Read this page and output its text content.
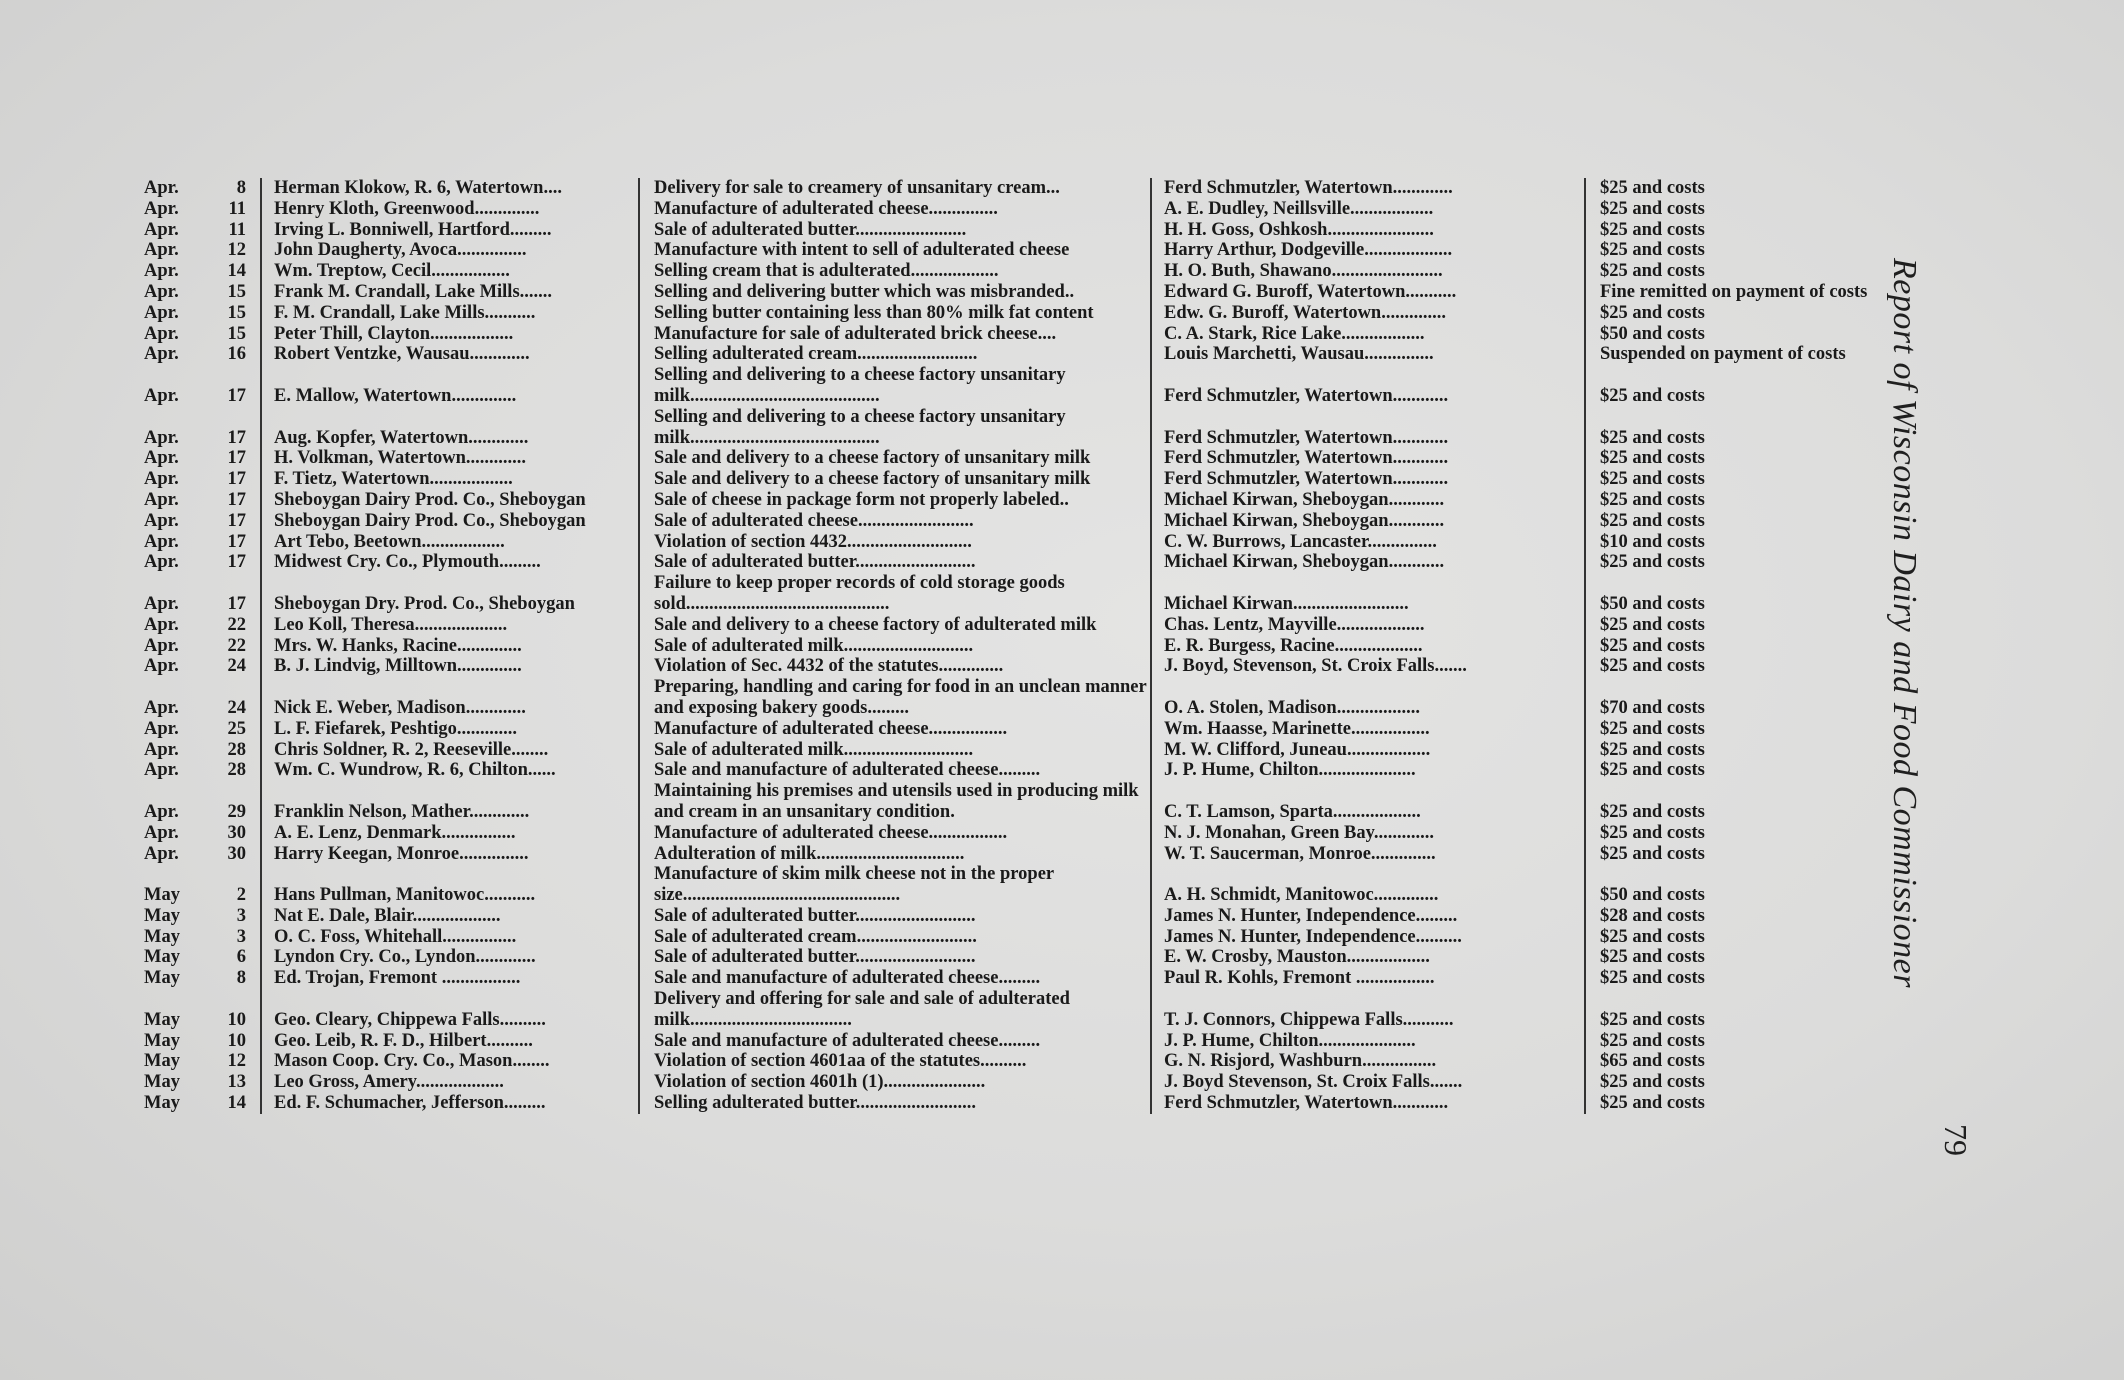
Apr.	8	Herman Klokow, R. 6, Watertown....	Delivery for sale to creamery of unsanitary cream...	Ferd Schmutzler, Watertown.............	$25 and costs
Apr.	11	Henry Kloth, Greenwood..............	Manufacture of adulterated cheese...............	A. E. Dudley, Neillsville..................	$25 and costs
Apr.	11	Irving L. Bonniwell, Hartford.........	Sale of adulterated butter........................	H. H. Goss, Oshkosh.......................	$25 and costs
Apr.	12	John Daugherty, Avoca...............	Manufacture with intent to sell of adulterated cheese	Harry Arthur, Dodgeville...................	$25 and costs
Apr.	14	Wm. Treptow, Cecil.................	Selling cream that is adulterated...................	H. O. Buth, Shawano........................	$25 and costs
Apr.	15	Frank M. Crandall, Lake Mills.......	Selling and delivering butter which was misbranded..	Edward G. Buroff, Watertown...........	Fine remitted on payment of costs
Apr.	15	F. M. Crandall, Lake Mills...........	Selling butter containing less than 80% milk fat content	Edw. G. Buroff, Watertown..............	$25 and costs
Apr.	15	Peter Thill, Clayton..................	Manufacture for sale of adulterated brick cheese....	C. A. Stark, Rice Lake..................	$50 and costs
Apr.	16	Robert Ventzke, Wausau.............	Selling adulterated cream..........................	Louis Marchetti, Wausau...............	Suspended on payment of costs
Apr.	17	E. Mallow, Watertown..............	Selling and delivering to a cheese factory unsanitary milk.........................................	Ferd Schmutzler, Watertown............	$25 and costs
Apr.	17	Aug. Kopfer, Watertown.............	Selling and delivering to a cheese factory unsanitary milk.........................................	Ferd Schmutzler, Watertown............	$25 and costs
Apr.	17	H. Volkman, Watertown.............	Sale and delivery to a cheese factory of unsanitary milk	Ferd Schmutzler, Watertown............	$25 and costs
Apr.	17	F. Tietz, Watertown..................	Sale and delivery to a cheese factory of unsanitary milk	Ferd Schmutzler, Watertown............	$25 and costs
Apr.	17	Sheboygan Dairy Prod. Co., Sheboygan	Sale of cheese in package form not properly labeled..	Michael Kirwan, Sheboygan............	$25 and costs
Apr.	17	Sheboygan Dairy Prod. Co., Sheboygan	Sale of adulterated cheese.........................	Michael Kirwan, Sheboygan............	$25 and costs
Apr.	17	Art Tebo, Beetown..................	Violation of section 4432...........................	C. W. Burrows, Lancaster...............	$10 and costs
Apr.	17	Midwest Cry. Co., Plymouth.........	Sale of adulterated butter..........................	Michael Kirwan, Sheboygan............	$25 and costs
Apr.	17	Sheboygan Dry. Prod. Co., Sheboygan	Failure to keep proper records of cold storage goods sold............................................	Michael Kirwan.........................	$50 and costs
Apr.	22	Leo Koll, Theresa....................	Sale and delivery to a cheese factory of adulterated milk	Chas. Lentz, Mayville...................	$25 and costs
Apr.	22	Mrs. W. Hanks, Racine..............	Sale of adulterated milk............................	E. R. Burgess, Racine...................	$25 and costs
Apr.	24	B. J. Lindvig, Milltown..............	Violation of Sec. 4432 of the statutes..............	J. Boyd, Stevenson, St. Croix Falls.......	$25 and costs
Apr.	24	Nick E. Weber, Madison.............	Preparing, handling and caring for food in an unclean manner and exposing bakery goods.........	O. A. Stolen, Madison..................	$70 and costs
Apr.	25	L. F. Fiefarek, Peshtigo.............	Manufacture of adulterated cheese.................	Wm. Haasse, Marinette.................	$25 and costs
Apr.	28	Chris Soldner, R. 2, Reeseville........	Sale of adulterated milk............................	M. W. Clifford, Juneau..................	$25 and costs
Apr.	28	Wm. C. Wundrow, R. 6, Chilton......	Sale and manufacture of adulterated cheese.........	J. P. Hume, Chilton.....................	$25 and costs
Apr.	29	Franklin Nelson, Mather.............	Maintaining his premises and utensils used in producing milk and cream in an unsanitary condition.	C. T. Lamson, Sparta...................	$25 and costs
Apr.	30	A. E. Lenz, Denmark................	Manufacture of adulterated cheese.................	N. J. Monahan, Green Bay.............	$25 and costs
Apr.	30	Harry Keegan, Monroe...............	Adulteration of milk................................	W. T. Saucerman, Monroe..............	$25 and costs
May	2	Hans Pullman, Manitowoc...........	Manufacture of skim milk cheese not in the proper size...............................................	A. H. Schmidt, Manitowoc..............	$50 and costs
May	3	Nat E. Dale, Blair...................	Sale of adulterated butter..........................	James N. Hunter, Independence.........	$28 and costs
May	3	O. C. Foss, Whitehall................	Sale of adulterated cream..........................	James N. Hunter, Independence..........	$25 and costs
May	6	Lyndon Cry. Co., Lyndon.............	Sale of adulterated butter..........................	E. W. Crosby, Mauston..................	$25 and costs
May	8	Ed. Trojan, Fremont .................	Sale and manufacture of adulterated cheese.........	Paul R. Kohls, Fremont .................	$25 and costs
May	10	Geo. Cleary, Chippewa Falls..........	Delivery and offering for sale and sale of adulterated milk...................................	T. J. Connors, Chippewa Falls...........	$25 and costs
May	10	Geo. Leib, R. F. D., Hilbert..........	Sale and manufacture of adulterated cheese.........	J. P. Hume, Chilton.....................	$25 and costs
May	12	Mason Coop. Cry. Co., Mason........	Violation of section 4601aa of the statutes..........	G. N. Risjord, Washburn................	$65 and costs
May	13	Leo Gross, Amery...................	Violation of section 4601h (1)......................	J. Boyd Stevenson, St. Croix Falls.......	$25 and costs
May	14	Ed. F. Schumacher, Jefferson.........	Selling adulterated butter..........................	Ferd Schmutzler, Watertown............	$25 and costs
Report of Wisconsin Dairy and Food Commissioner
79
